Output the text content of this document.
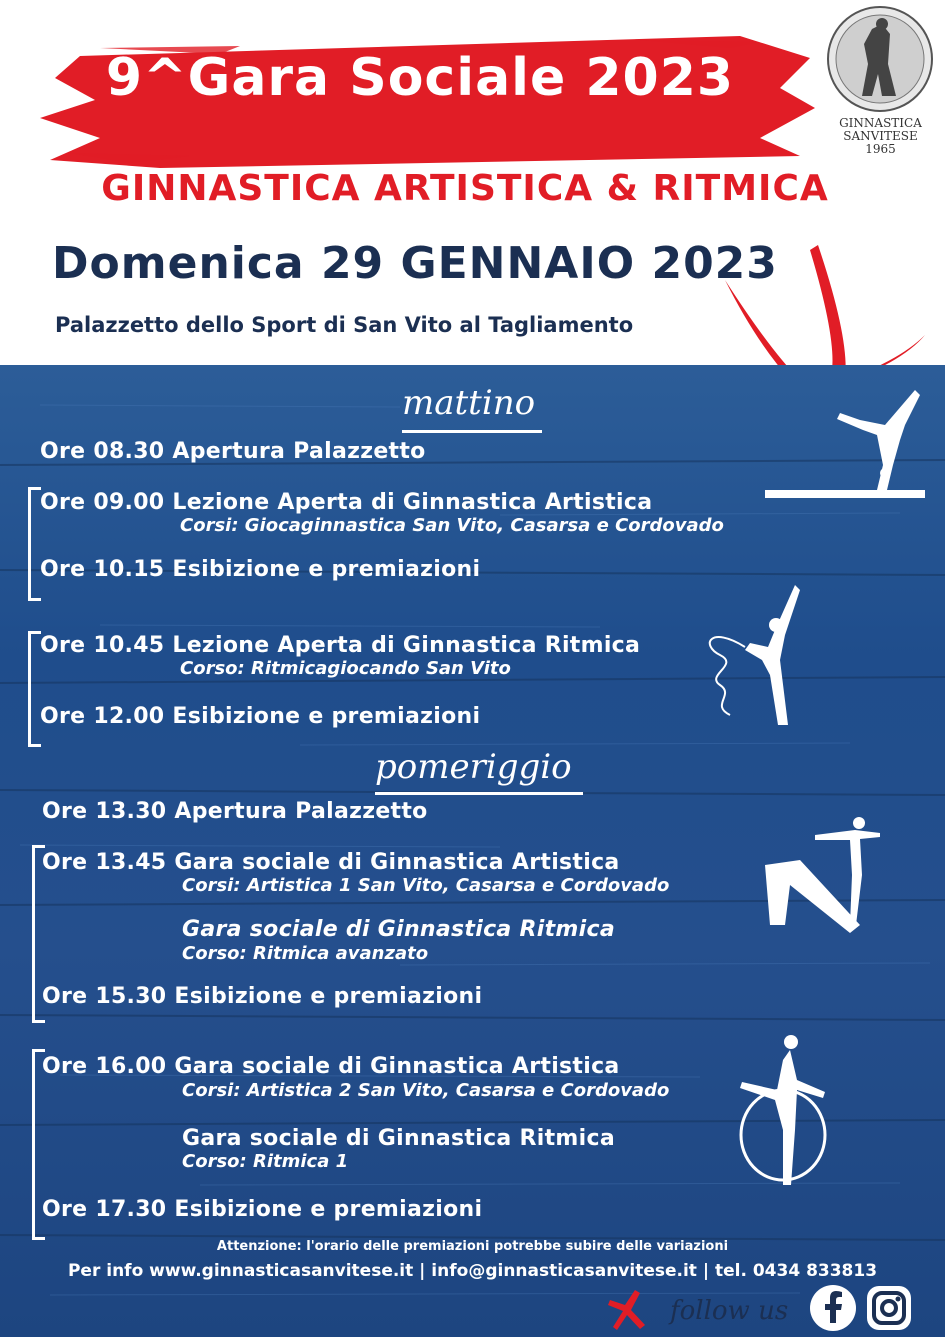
9^Gara Sociale 2023
GINNASTICA ARTISTICA & RITMICA
Domenica 29 GENNAIO 2023
Palazzetto dello Sport di San Vito al Tagliamento
GINNASTICA
SANVITESE
1965
mattino
pomeriggio
Ore 08.30 Apertura Palazzetto
Ore 09.00 Lezione Aperta di Ginnastica Artistica
Corsi: Giocaginnastica San Vito, Casarsa e Cordovado
Ore 10.15 Esibizione e premiazioni
Ore 10.45 Lezione Aperta di Ginnastica Ritmica
Corso: Ritmicagiocando San Vito
Ore 12.00 Esibizione e premiazioni
Ore 13.30 Apertura Palazzetto
Ore 13.45 Gara sociale di Ginnastica Artistica
Corsi: Artistica 1 San Vito, Casarsa e Cordovado
Gara sociale di Ginnastica Ritmica
Corso: Ritmica avanzato
Ore 15.30 Esibizione e premiazioni
Ore 16.00 Gara sociale di Ginnastica Artistica
Corsi: Artistica 2 San Vito, Casarsa e Cordovado
Gara sociale di Ginnastica Ritmica
Corso: Ritmica 1
Ore 17.30 Esibizione e premiazioni
Attenzione: l'orario delle premiazioni potrebbe subire delle variazioni
Per info www.ginnasticasanvitese.it | info@ginnasticasanvitese.it | tel. 0434 833813
follow us
